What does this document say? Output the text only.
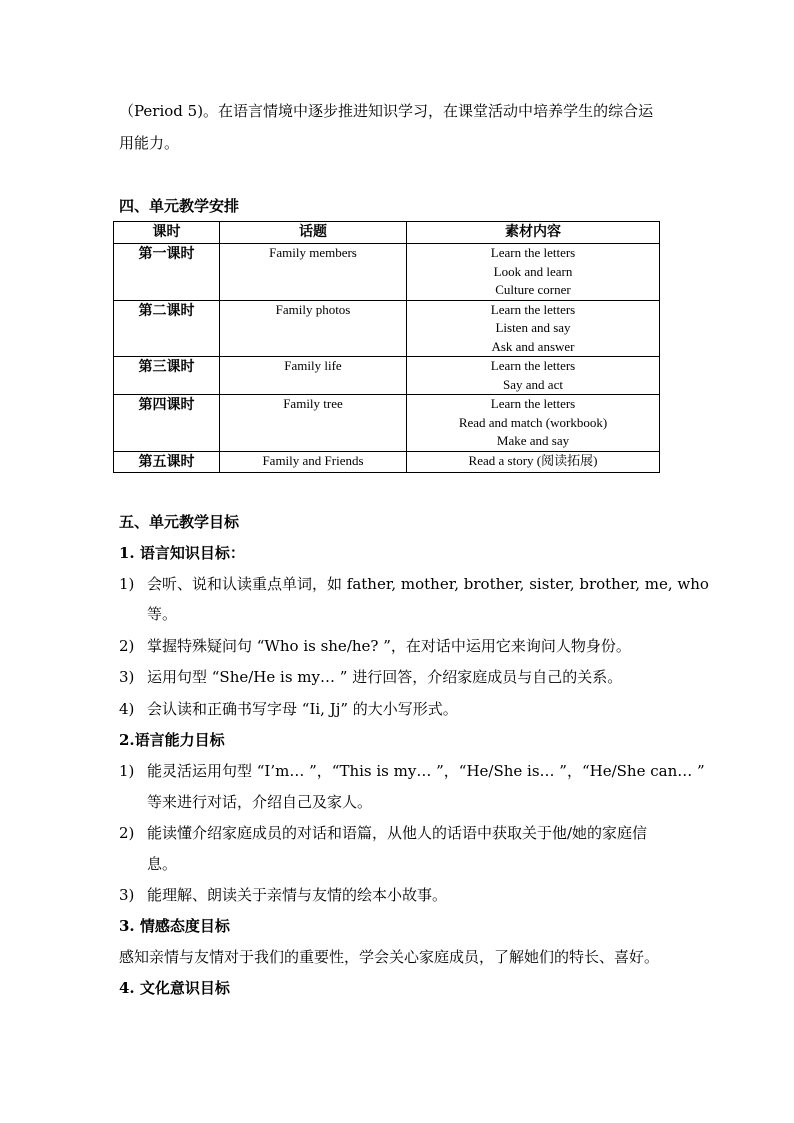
（Period 5)。在语言情境中逐步推进知识学习，在课堂活动中培养学生的综合运
用能力。
四、单元教学安排
课时	话题	素材内容
第一课时	Family members	Learn the letters
Look and learn
Culture corner

第二课时	Family photos	Learn the letters
Listen and say
Ask and answer

第三课时	Family life	Learn the letters
Say and act

第四课时	Family tree	Learn the letters
Read and match (workbook)
Make and say

第五课时	Family and Friends	Read a story (阅读拓展)
五、单元教学目标
1. 语言知识目标：
1) 会听、说和认读重点单词，如 father, mother, brother, sister, brother, me, who
等。
2) 掌握特殊疑问句 “Who is she/he? ”，在对话中运用它来询问人物身份。
3) 运用句型 “She/He is my… ” 进行回答，介绍家庭成员与自己的关系。
4) 会认读和正确书写字母 “Ii, Jj” 的大小写形式。
2.语言能力目标
1) 能灵活运用句型 “I’m… ”，“This is my… ”，“He/She is… ”，“He/She can… ”
等来进行对话，介绍自己及家人。
2) 能读懂介绍家庭成员的对话和语篇，从他人的话语中获取关于他/她的家庭信
息。
3) 能理解、朗读关于亲情与友情的绘本小故事。
3. 情感态度目标
感知亲情与友情对于我们的重要性，学会关心家庭成员，了解她们的特长、喜好。
4. 文化意识目标
